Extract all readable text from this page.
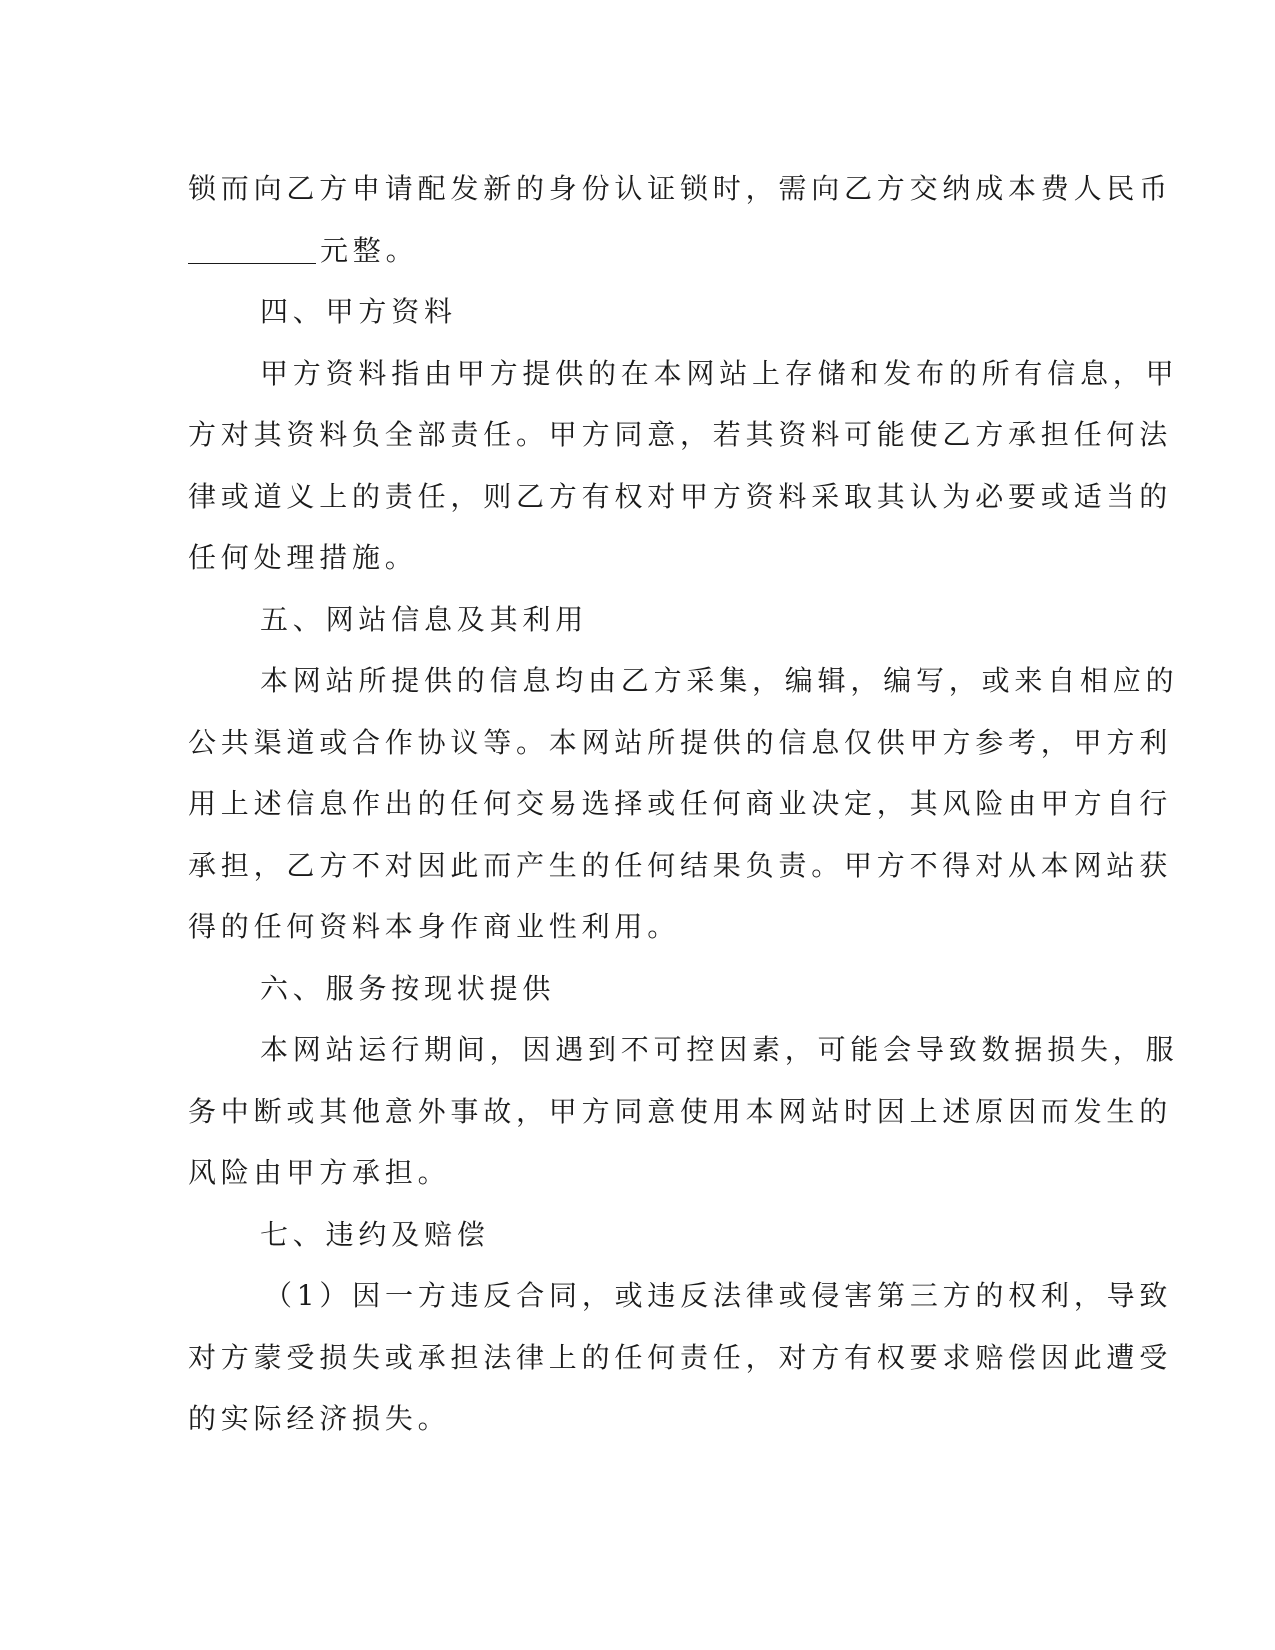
锁而向乙方申请配发新的身份认证锁时，需向乙方交纳成本费人民币
元整。
四、甲方资料
甲方资料指由甲方提供的在本网站上存储和发布的所有信息，甲
方对其资料负全部责任。甲方同意，若其资料可能使乙方承担任何法
律或道义上的责任，则乙方有权对甲方资料采取其认为必要或适当的
任何处理措施。
五、网站信息及其利用
本网站所提供的信息均由乙方采集，编辑，编写，或来自相应的
公共渠道或合作协议等。本网站所提供的信息仅供甲方参考，甲方利
用上述信息作出的任何交易选择或任何商业决定，其风险由甲方自行
承担，乙方不对因此而产生的任何结果负责。甲方不得对从本网站获
得的任何资料本身作商业性利用。
六、服务按现状提供
本网站运行期间，因遇到不可控因素，可能会导致数据损失，服
务中断或其他意外事故，甲方同意使用本网站时因上述原因而发生的
风险由甲方承担。
七、违约及赔偿
（1）因一方违反合同，或违反法律或侵害第三方的权利，导致
对方蒙受损失或承担法律上的任何责任，对方有权要求赔偿因此遭受
的实际经济损失。
